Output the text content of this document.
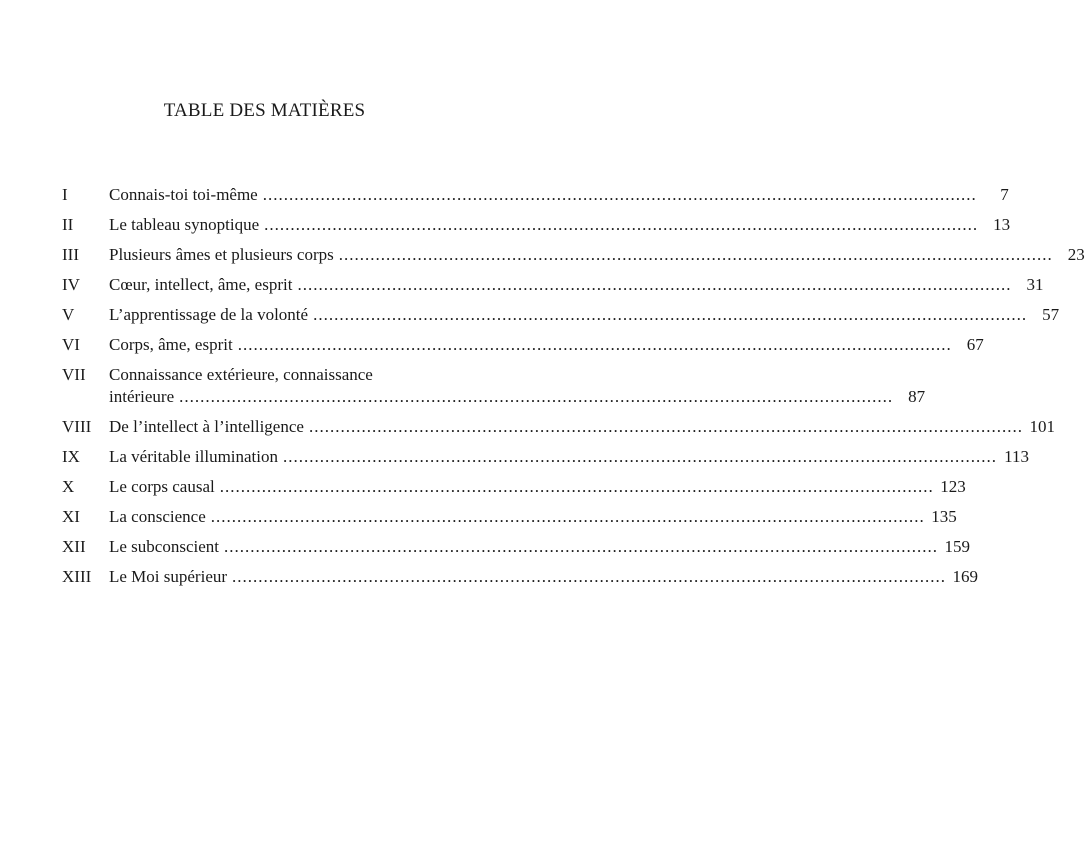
TABLE DES MATIÈRES
I	Connais-toi toi-même .....	7
II	Le tableau synoptique .....	13
III	Plusieurs âmes et plusieurs corps .....	23
IV	Cœur, intellect, âme, esprit .....	31
V	L’apprentissage de la volonté .....	57
VI	Corps, âme, esprit .....	67
VII	Connaissance extérieure, connaissance
intérieure .....	87
VIII	De l’intellect à l’intelligence .....	101
IX	La véritable illumination .....	113
X	Le corps causal .....	123
XI	La conscience .....	135
XII	Le subconscient .....	159
XIII	Le Moi supérieur .....	169
